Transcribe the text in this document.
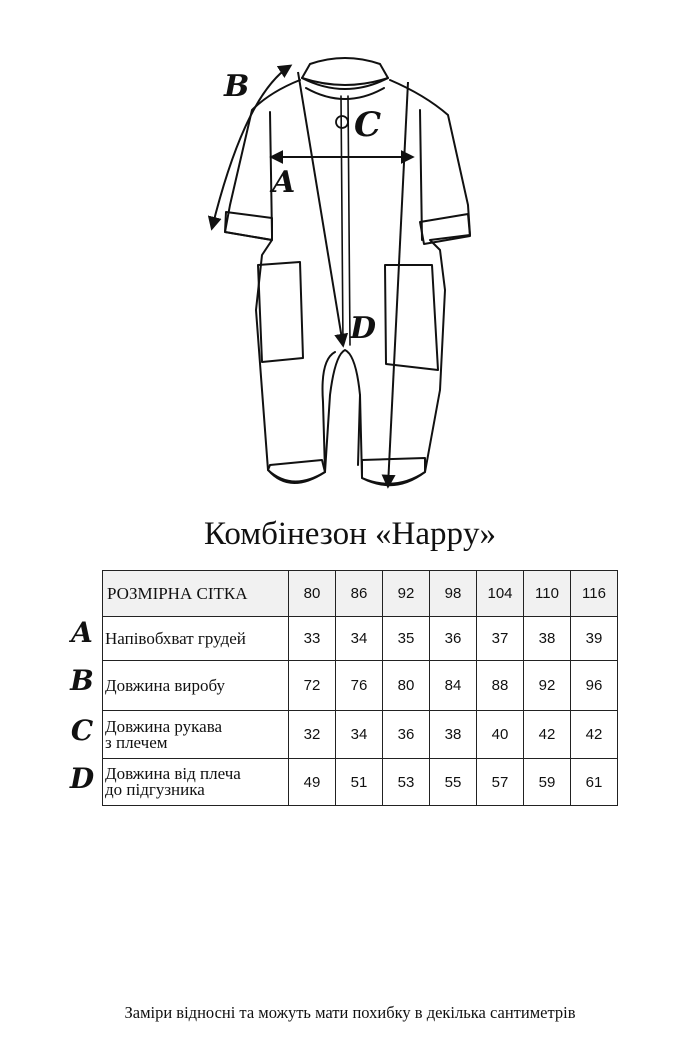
B
C
A
D
Комбінезон «Happy»
A
B
C
D
РОЗМІРНА СІТКА	80	86	92	98	104	110	116
Напівобхват грудей	33	34	35	36	37	38	39
Довжина виробу	72	76	80	84	88	92	96
Довжина рукава
з плечем	32	34	36	38	40	42	42
Довжина від плеча
до підгузника	49	51	53	55	57	59	61
Заміри відносні та можуть мати похибку в декілька сантиметрів
